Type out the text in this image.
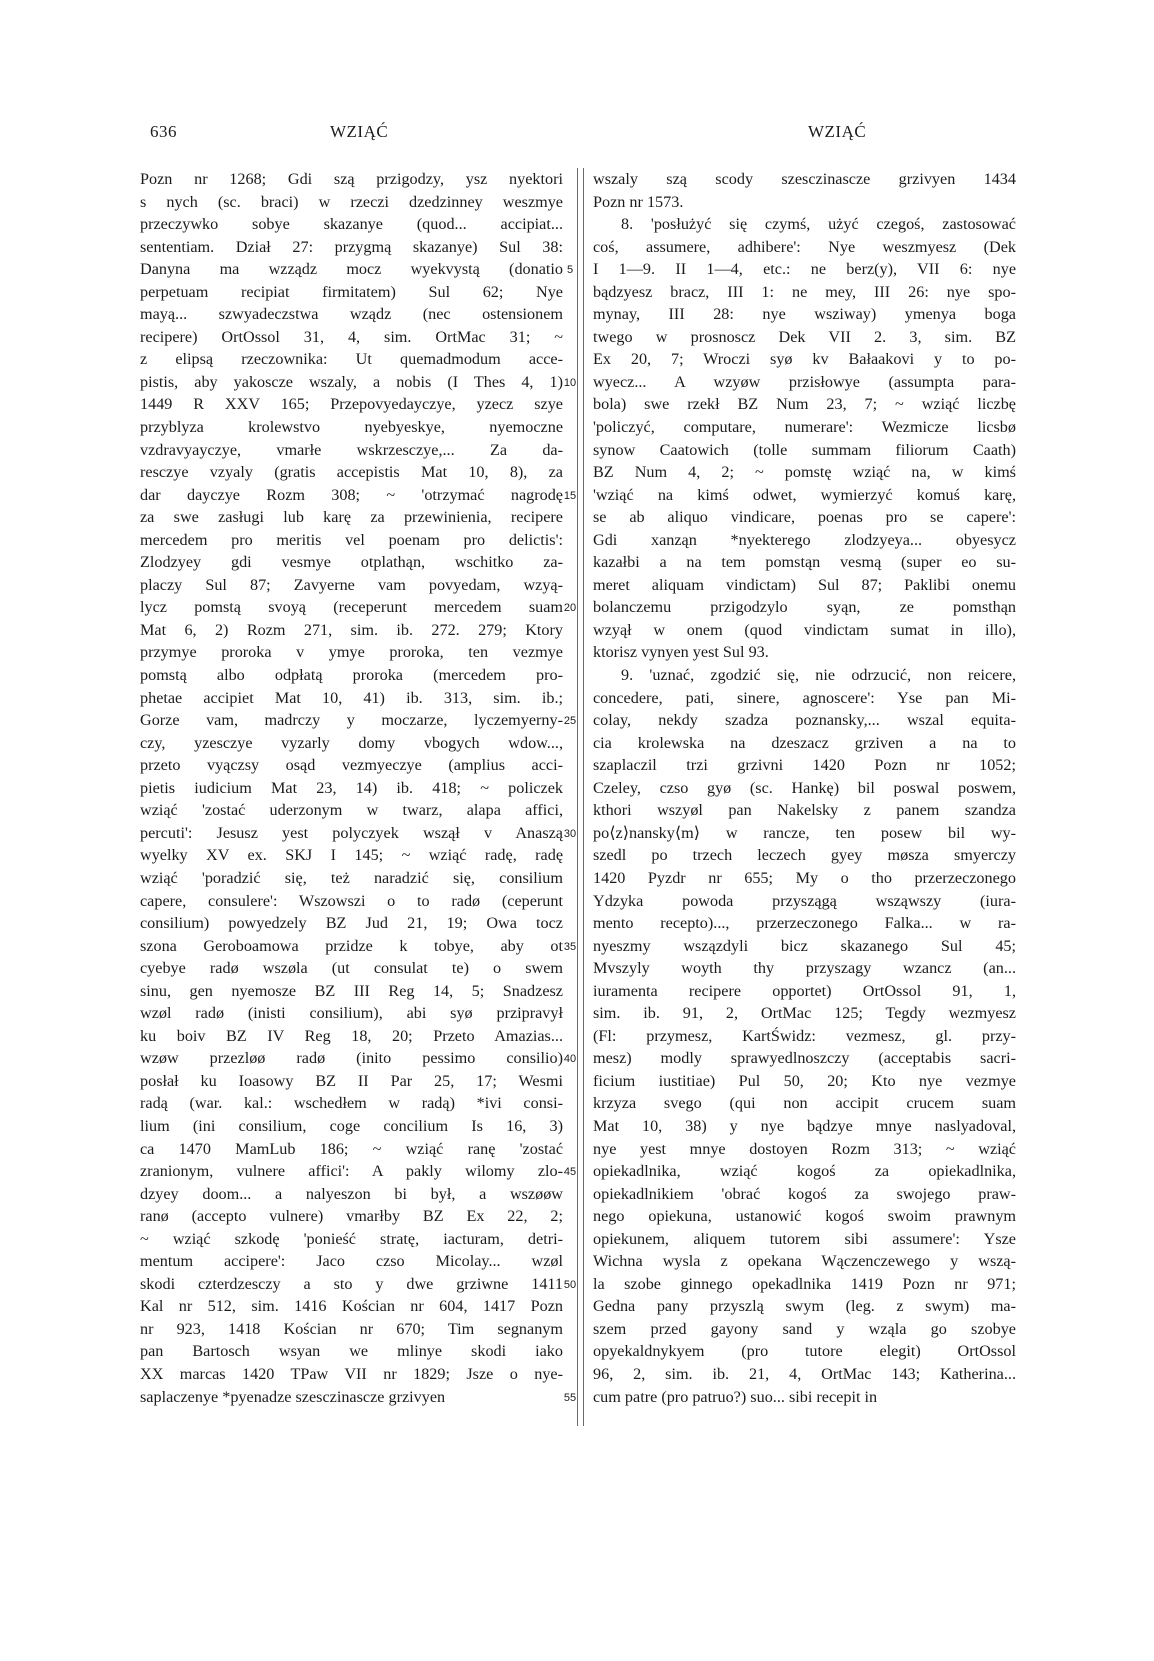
636	WZIĄĆ	WZIĄĆ
Pozn nr 1268; Gdi szą przigodzy, ysz nyektori
s nych (sc. braci) w rzeczi dzedzinney weszmye
przeczywko sobye skazanye (quod... accipiat...
sententiam. Dział 27: przygmą skazanye) Sul 38:
Danyna ma wzządz mocz wyekvystą (donatio
perpetuam recipiat firmitatem) Sul 62; Nye
mayą... szwyadeczstwa wządz (nec ostensionem
recipere) OrtOssol 31, 4, sim. OrtMac 31; ~
z elipsą rzeczownika: Ut quemadmodum acce-
pistis, aby yakoscze wszaly, a nobis (I Thes 4, 1)
1449 R XXV 165; Przepovyedayczye, yzecz szye
przyblyza krolewstvo nyebyeskye, nyemoczne
vzdravyayczye, vmarłe wskrzesczye,... Za da-
resczye vzyaly (gratis accepistis Mat 10, 8), za
dar dayczye Rozm 308; ~ 'otrzymać nagrodę
za swe zasługi lub karę za przewinienia, recipere
mercedem pro meritis vel poenam pro delictis':
Zlodzyey gdi vesmye otplathąn, wschitko za-
placzy Sul 87; Zavyerne vam povyedam, wzyą-
lycz pomstą svoyą (receperunt mercedem suam
Mat 6, 2) Rozm 271, sim. ib. 272. 279; Ktory
przymye proroka v ymye proroka, ten vezmye
pomstą albo odpłatą proroka (mercedem pro-
phetae accipiet Mat 10, 41) ib. 313, sim. ib.;
Gorze vam, madrczy y moczarze, lyczemyerny-
czy, yzesczye vyzarly domy vbogych wdow...,
przeto vyączsy osąd vezmyeczye (amplius acci-
pietis iudicium Mat 23, 14) ib. 418; ~ policzek
wziąć 'zostać uderzonym w twarz, alapa affici,
percuti': Jesusz yest polyczyek wszął v Anaszą
wyelky XV ex. SKJ I 145; ~ wziąć radę, radę
wziąć 'poradzić się, też naradzić się, consilium
capere, consulere': Wszowszi o to radø (ceperunt
consilium) powyedzely BZ Jud 21, 19; Owa tocz
szona Geroboamowa przidze k tobye, aby ot
cyebye radø wszøla (ut consulat te) o swem
sinu, gen nyemosze BZ III Reg 14, 5; Snadzesz
wzøl radø (inisti consilium), abi syø przipravył
ku boiv BZ IV Reg 18, 20; Przeto Amazias...
wzøw przezløø radø (inito pessimo consilio)
posłał ku Ioasowy BZ II Par 25, 17; Wesmi
radą (war. kal.: wschedłem w radą) *ivi consi-
lium (ini consilium, coge concilium Is 16, 3)
ca 1470 MamLub 186; ~ wziąć ranę 'zostać
zranionym, vulnere affici': A pakly wilomy zlo-
dzyey doom... a nalyeszon bi był, a wszøøw
ranø (accepto vulnere) vmarłby BZ Ex 22, 2;
~ wziąć szkodę 'ponieść stratę, iacturam, detri-
mentum accipere': Jaco czso Micolay... wzøl
skodi czterdzesczy a sto y dwe grziwne 1411
Kal nr 512, sim. 1416 Kościan nr 604, 1417 Pozn
nr 923, 1418 Kościan nr 670; Tim segnanym
pan Bartosch wsyan we mlinye skodi iako
XX marcas 1420 TPaw VII nr 1829; Jsze o nye-
saplaczenye *pyenadze szesczinascze grzivyen
wszaly szą scody szesczinascze grzivyen 1434
Pozn nr 1573.
8. 'posłużyć się czymś, użyć czegoś, zastosować
coś, assumere, adhibere': Nye weszmyesz (Dek
I 1—9. II 1—4, etc.: ne berz(y), VII 6: nye
bądzyesz bracz, III 1: ne mey, III 26: nye spo-
mynay, III 28: nye wsziway) ymenya boga
twego w prosnoscz Dek VII 2. 3, sim. BZ
Ex 20, 7; Wroczi syø kv Bałaakovi y to po-
wyecz... A wzyøw przisłowye (assumpta para-
bola) swe rzekł BZ Num 23, 7; ~ wziąć liczbę
'policzyć, computare, numerare': Wezmicze licsbø
synow Caatowich (tolle summam filiorum Caath)
BZ Num 4, 2; ~ pomstę wziąć na, w kimś
'wziąć na kimś odwet, wymierzyć komuś karę,
se ab aliquo vindicare, poenas pro se capere':
Gdi xanząn *nyekterego zlodzyeya... obyesycz
kazałbi a na tem pomstąn vesmą (super eo su-
meret aliquam vindictam) Sul 87; Paklibi onemu
bolanczemu przigodzylo syąn, ze pomsthąn
wzyął w onem (quod vindictam sumat in illo),
ktorisz vynyen yest Sul 93.
9. 'uznać, zgodzić się, nie odrzucić, non reicere,
concedere, pati, sinere, agnoscere': Yse pan Mi-
colay, nekdy szadza poznansky,... wszal equita-
cia krolewska na dzeszacz grziven a na to
szaplaczil trzi grzivni 1420 Pozn nr 1052;
Czeley, czso gyø (sc. Hankę) bil poswal poswem,
kthori wszyøl pan Nakelsky z panem szandza
po⟨z⟩nansky⟨m⟩ w rancze, ten posew bil wy-
szedl po trzech leczech gyey møsza smyerczy
1420 Pyzdr nr 655; My o tho przerzeczonego
Ydzyka powoda przyszągą wsząwszy (iura-
mento recepto)..., przerzeczonego Falka... w ra-
nyeszmy wszązdyli bicz skazanego Sul 45;
Mvszyly woyth thy przyszagy wzancz (an...
iuramenta recipere opportet) OrtOssol 91, 1,
sim. ib. 91, 2, OrtMac 125; Tegdy wezmyesz
(Fl: przymesz, KartŚwidz: vezmesz, gl. przy-
mesz) modly sprawyedlnoszczy (acceptabis sacri-
ficium iustitiae) Pul 50, 20; Kto nye vezmye
krzyza svego (qui non accipit crucem suam
Mat 10, 38) y nye bądzye mnye naslyadoval,
nye yest mnye dostoyen Rozm 313; ~ wziąć
opiekadlnika, wziąć kogoś za opiekadlnika,
opiekadlnikiem 'obrać kogoś za swojego praw-
nego opiekuna, ustanowić kogoś swoim prawnym
opiekunem, aliquem tutorem sibi assumere': Ysze
Wichna wysla z opekana Wączenczewego y wszą-
la szobe ginnego opekadlnika 1419 Pozn nr 971;
Gedna pany przyszlą swym (leg. z swym) ma-
szem przed gayony sand y wząla go szobye
opyekaldnykyem (pro tutore elegit) OrtOssol
96, 2, sim. ib. 21, 4, OrtMac 143; Katherina...
cum patre (pro patruo?) suo... sibi recepit in
5
10
15
20
25
30
35
40
45
50
55
